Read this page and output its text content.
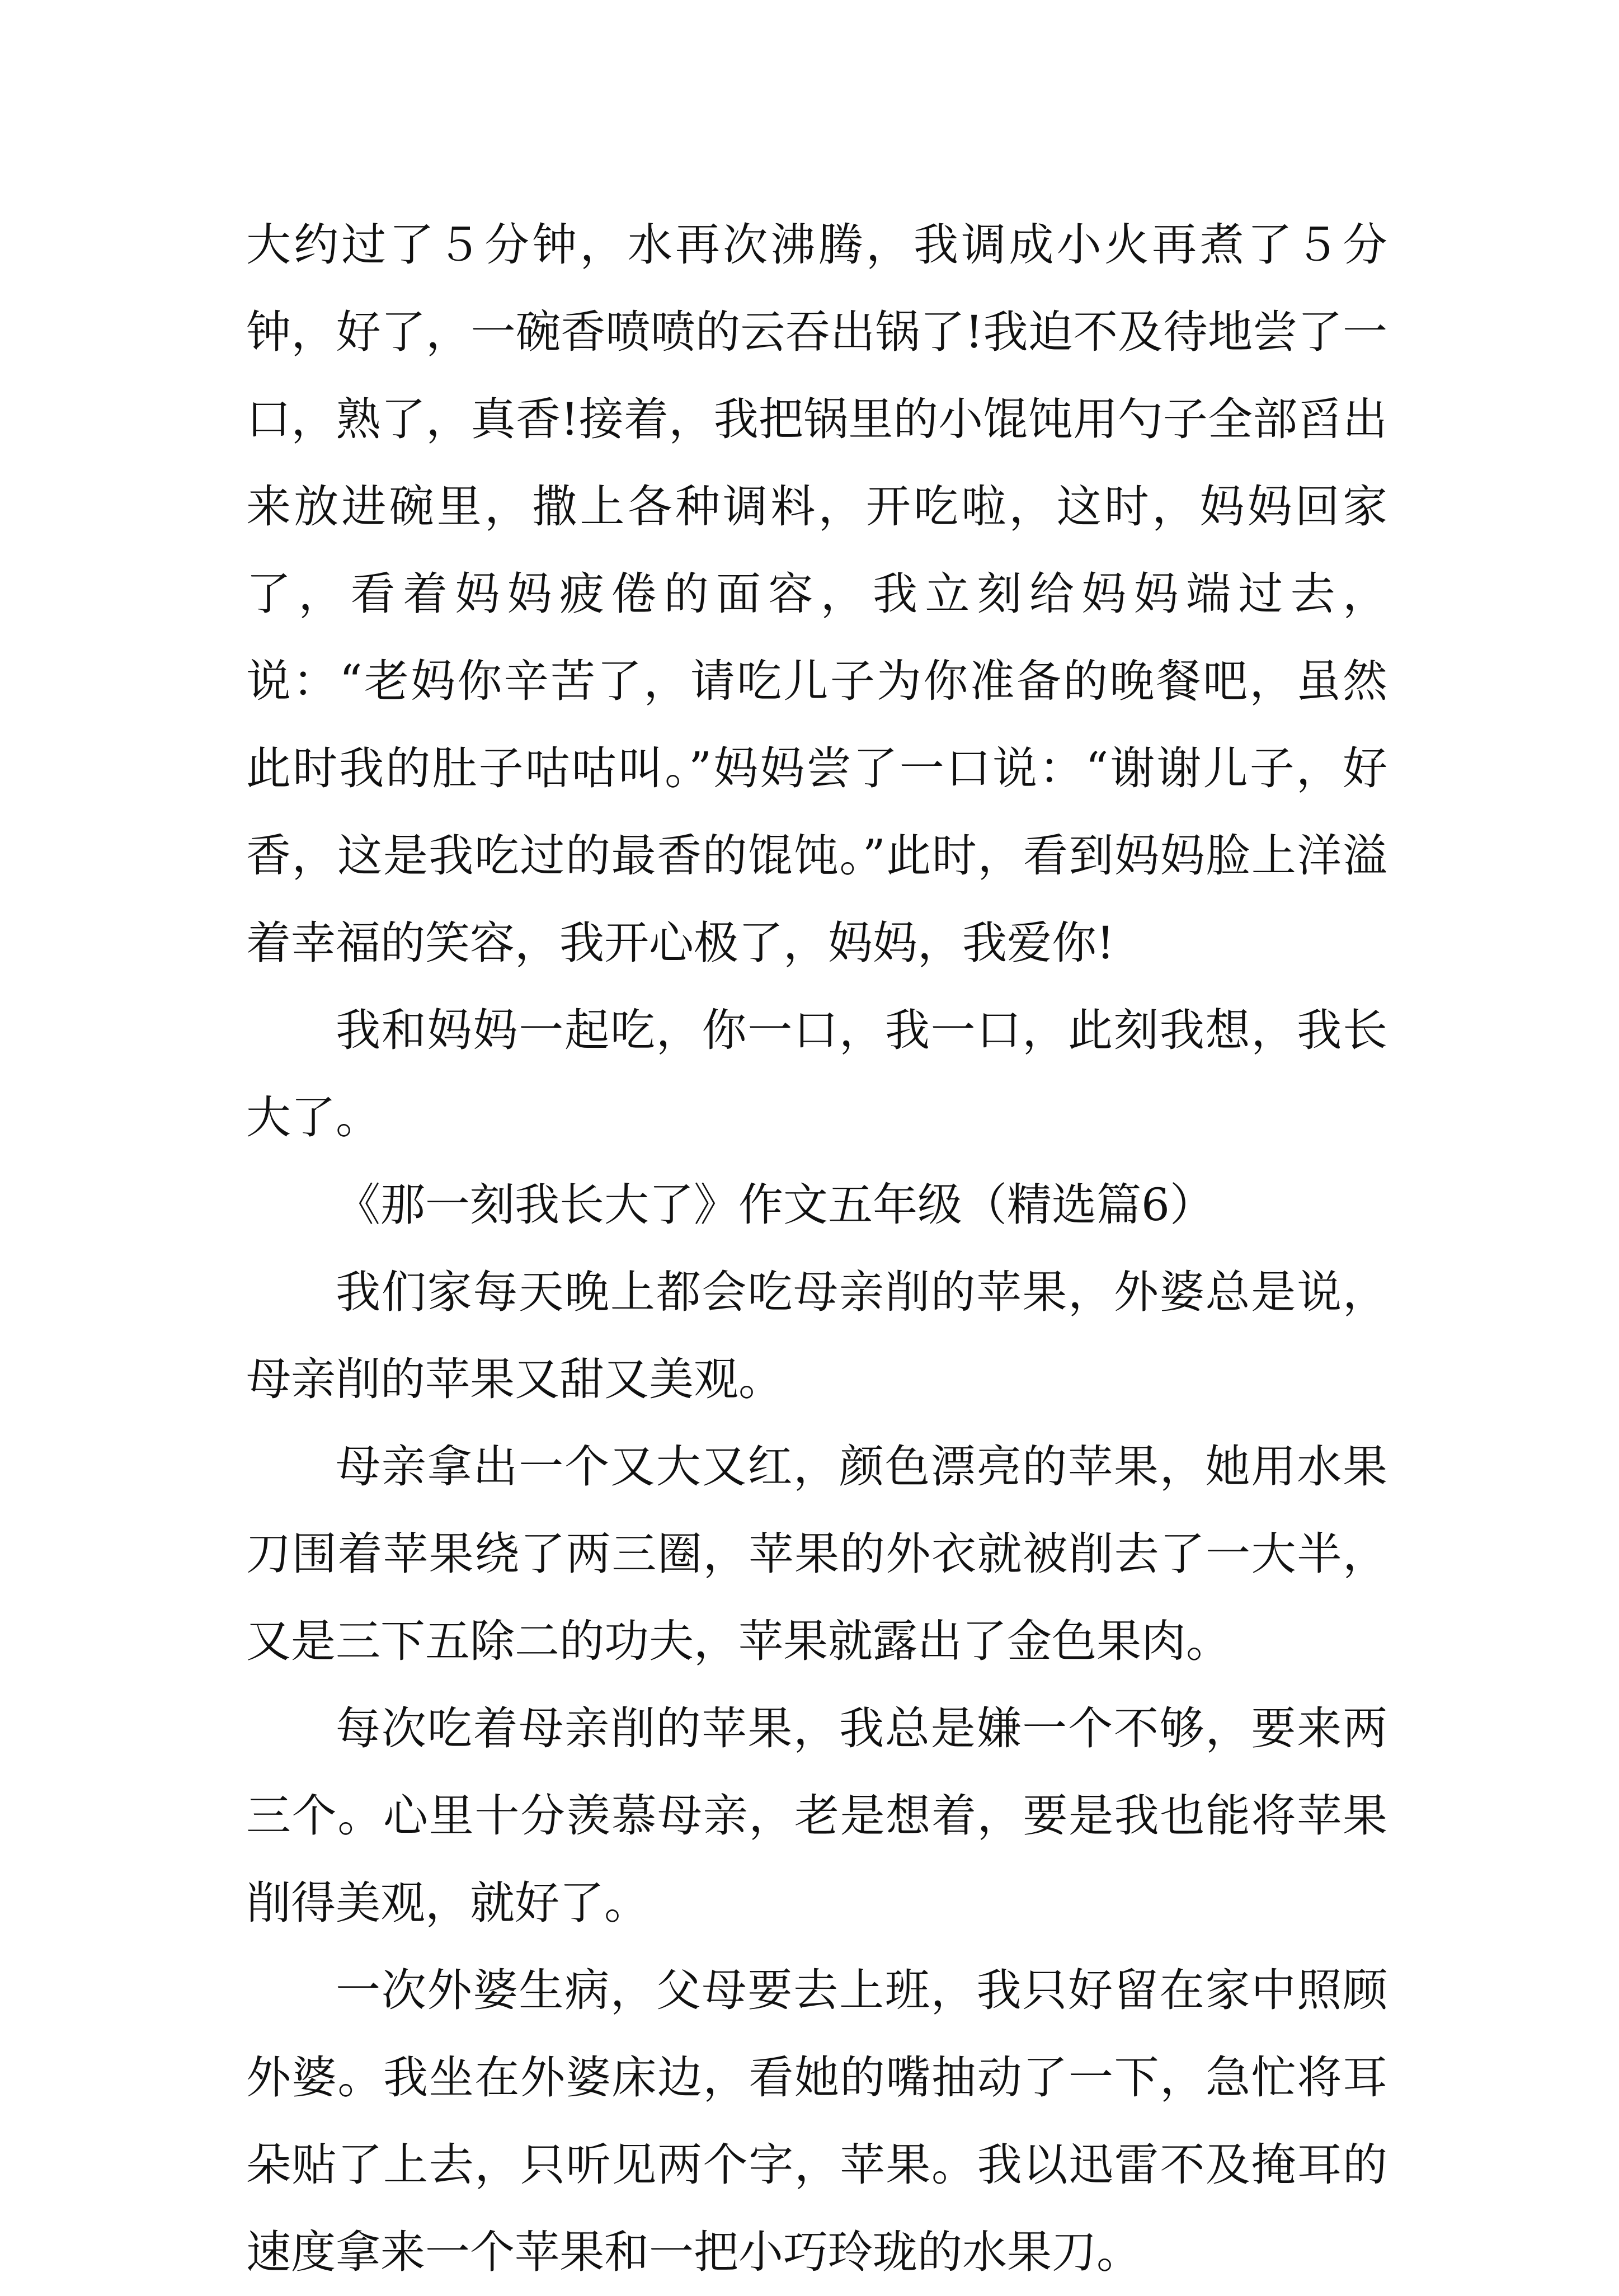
大约过了５分钟，水再次沸腾，我调成小火再煮了５分钟，好了，一碗香喷喷的云吞出锅了!我迫不及待地尝了一口，熟了，真香!接着，我把锅里的小馄饨用勺子全部舀出来放进碗里，撒上各种调料，开吃啦，这时，妈妈回家了，看着妈妈疲倦的面容，我立刻给妈妈端过去，说：“老妈你辛苦了，请吃儿子为你准备的晚餐吧，虽然此时我的肚子咕咕叫。”妈妈尝了一口说：“谢谢儿子，好香，这是我吃过的最香的馄饨。”此时，看到妈妈脸上洋溢着幸福的笑容，我开心极了，妈妈，我爱你!

我和妈妈一起吃，你一口，我一口，此刻我想，我长大了。

《那一刻我长大了》作文五年级（精选篇6）

我们家每天晚上都会吃母亲削的苹果，外婆总是说，母亲削的苹果又甜又美观。

母亲拿出一个又大又红，颜色漂亮的苹果，她用水果刀围着苹果绕了两三圈，苹果的外衣就被削去了一大半，又是三下五除二的功夫，苹果就露出了金色果肉。

每次吃着母亲削的苹果，我总是嫌一个不够，要来两三个。心里十分羡慕母亲，老是想着，要是我也能将苹果削得美观，就好了。

一次外婆生病，父母要去上班，我只好留在家中照顾外婆。我坐在外婆床边，看她的嘴抽动了一下，急忙将耳朵贴了上去，只听见两个字，苹果。我以迅雷不及掩耳的速度拿来一个苹果和一把小巧玲珑的水果刀。
